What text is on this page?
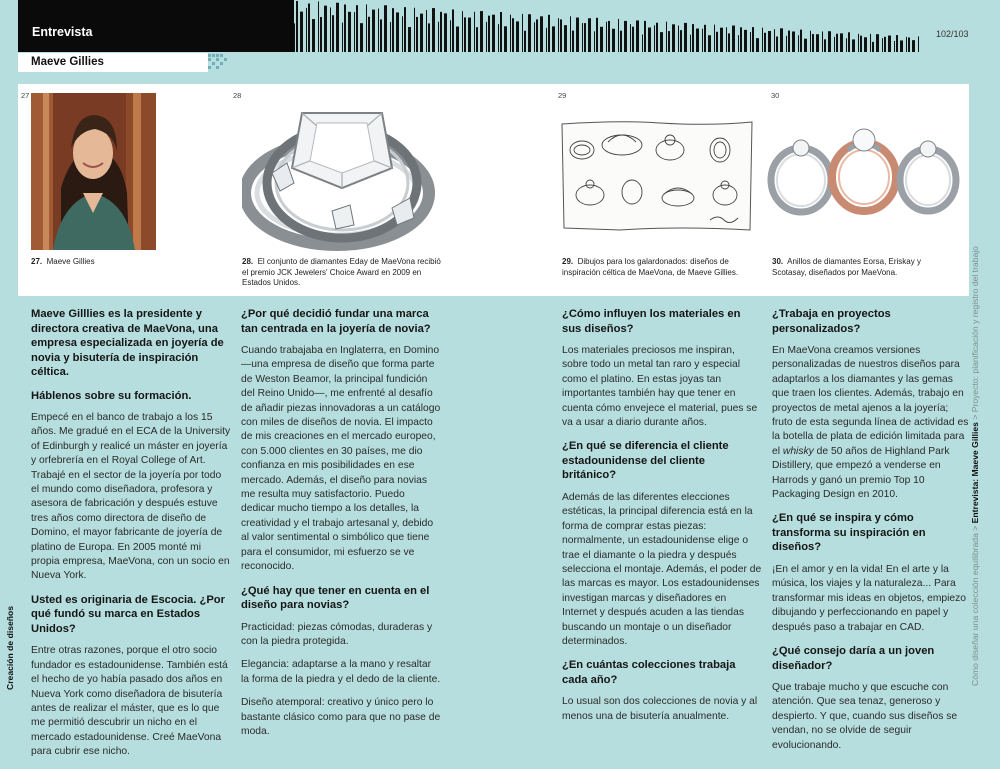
Entrevista	102/103
Maeve Gillies
27
27. Maeve Gillies
28
28. El conjunto de diamantes Eday de MaeVona recibió el premio JCK Jewelers' Choice Award en 2009 en Estados Unidos.
29
29. Dibujos para los galardonados: diseños de inspiración céltica de MaeVona, de Maeve Gillies.
30
30. Anillos de diamantes Eorsa, Eriskay y Scotasay, diseñados por MaeVona.

Maeve Gilllies es la presidente y directora creativa de MaeVona, una empresa especializada en joyería de novia y bisutería de inspiración céltica.

Háblenos sobre su formación.

Empecé en el banco de trabajo a los 15 años. Me gradué en el ECA de la University of Edinburgh y realicé un máster en joyería y orfebrería en el Royal College of Art. Trabajé en el sector de la joyería por todo el mundo como diseñadora, profesora y asesora de fabricación y después estuve tres años como directora de diseño de Domino, el mayor fabricante de joyería de platino de Europa. En 2005 monté mi propia empresa, MaeVona, con un socio en Nueva York.

Usted es originaria de Escocia. ¿Por qué fundó su marca en Estados Unidos?

Entre otras razones, porque el otro socio fundador es estadounidense. También está el hecho de yo había pasado dos años en Nueva York como diseñadora de bisutería antes de realizar el máster, que es lo que me permitió descubrir un nicho en el mercado estadounidense. Creé MaeVona para cubrir ese nicho.

¿Por qué decidió fundar una marca tan centrada en la joyería de novia?

Cuando trabajaba en Inglaterra, en Domino —una empresa de diseño que forma parte de Weston Beamor, la principal fundición del Reino Unido—, me enfrenté al desafío de añadir piezas innovadoras a un catálogo con miles de diseños de novia. El impacto de mis creaciones en el mercado europeo, con 5.000 clientes en 30 países, me dio confianza en mis posibilidades en ese mercado. Además, el diseño para novias me resulta muy satisfactorio. Puedo dedicar mucho tiempo a los detalles, la creatividad y el trabajo artesanal y, debido al valor sentimental o simbólico que tiene para el consumidor, mi esfuerzo se ve reconocido.

¿Qué hay que tener en cuenta en el diseño para novias?

Practicidad: piezas cómodas, duraderas y con la piedra protegida.

Elegancia: adaptarse a la mano y resaltar la forma de la piedra y el dedo de la cliente.

Diseño atemporal: creativo y único pero lo bastante clásico como para que no pase de moda.

¿Cómo influyen los materiales en sus diseños?

Los materiales preciosos me inspiran, sobre todo un metal tan raro y especial como el platino. En estas joyas tan importantes también hay que tener en cuenta cómo envejece el material, pues se va a usar a diario durante años.

¿En qué se diferencia el cliente estadounidense del cliente británico?

Además de las diferentes elecciones estéticas, la principal diferencia está en la forma de comprar estas piezas: normalmente, un estadounidense elige o trae el diamante o la piedra y después selecciona el montaje. Además, el poder de las marcas es mayor. Los estadounidenses investigan marcas y diseñadores en Internet y después acuden a las tiendas buscando un montaje o un diseñador determinados.

¿En cuántas colecciones trabaja cada año?

Lo usual son dos colecciones de novia y al menos una de bisutería anualmente.

¿Trabaja en proyectos personalizados?

En MaeVona creamos versiones personalizadas de nuestros diseños para adaptarlos a los diamantes y las gemas que traen los clientes. Además, trabajo en proyectos de metal ajenos a la joyería; fruto de esta segunda línea de actividad es la botella de plata de edición limitada para el whisky de 50 años de Highland Park Distillery, que empezó a venderse en Harrods y ganó un premio Top 10 Packaging Design en 2010.

¿En qué se inspira y cómo transforma su inspiración en diseños?

¡En el amor y en la vida! En el arte y la música, los viajes y la naturaleza... Para transformar mis ideas en objetos, empiezo dibujando y perfeccionando en papel y después paso a trabajar en CAD.

¿Qué consejo daría a un joven diseñador?

Que trabaje mucho y que escuche con atención. Que sea tenaz, generoso y despierto. Y que, cuando sus diseños se vendan, no se olvide de seguir evolucionando.

Cómo diseñar una colección equilibrada > Entrevista: Maeve Gillies > Proyecto: planificación y registro del trabajo
Creación de diseños
